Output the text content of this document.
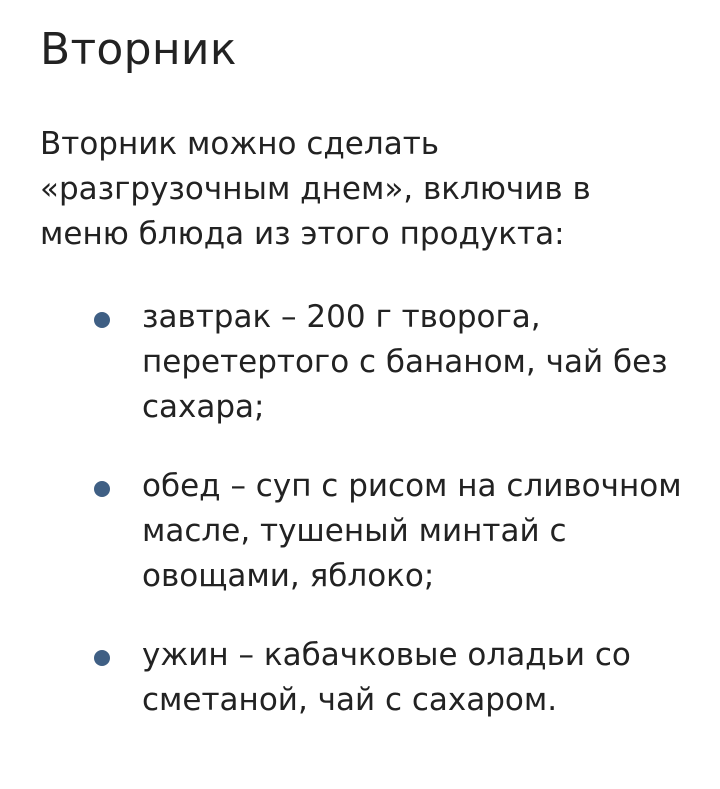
Вторник

Вторник можно сделать «разгрузочным днем», включив в меню блюда из этого продукта:

завтрак – 200 г творога, перетертого с бананом, чай без сахара;
обед – суп с рисом на сливочном масле, тушеный минтай с овощами, яблоко;
ужин – кабачковые оладьи со сметаной, чай с сахаром.
